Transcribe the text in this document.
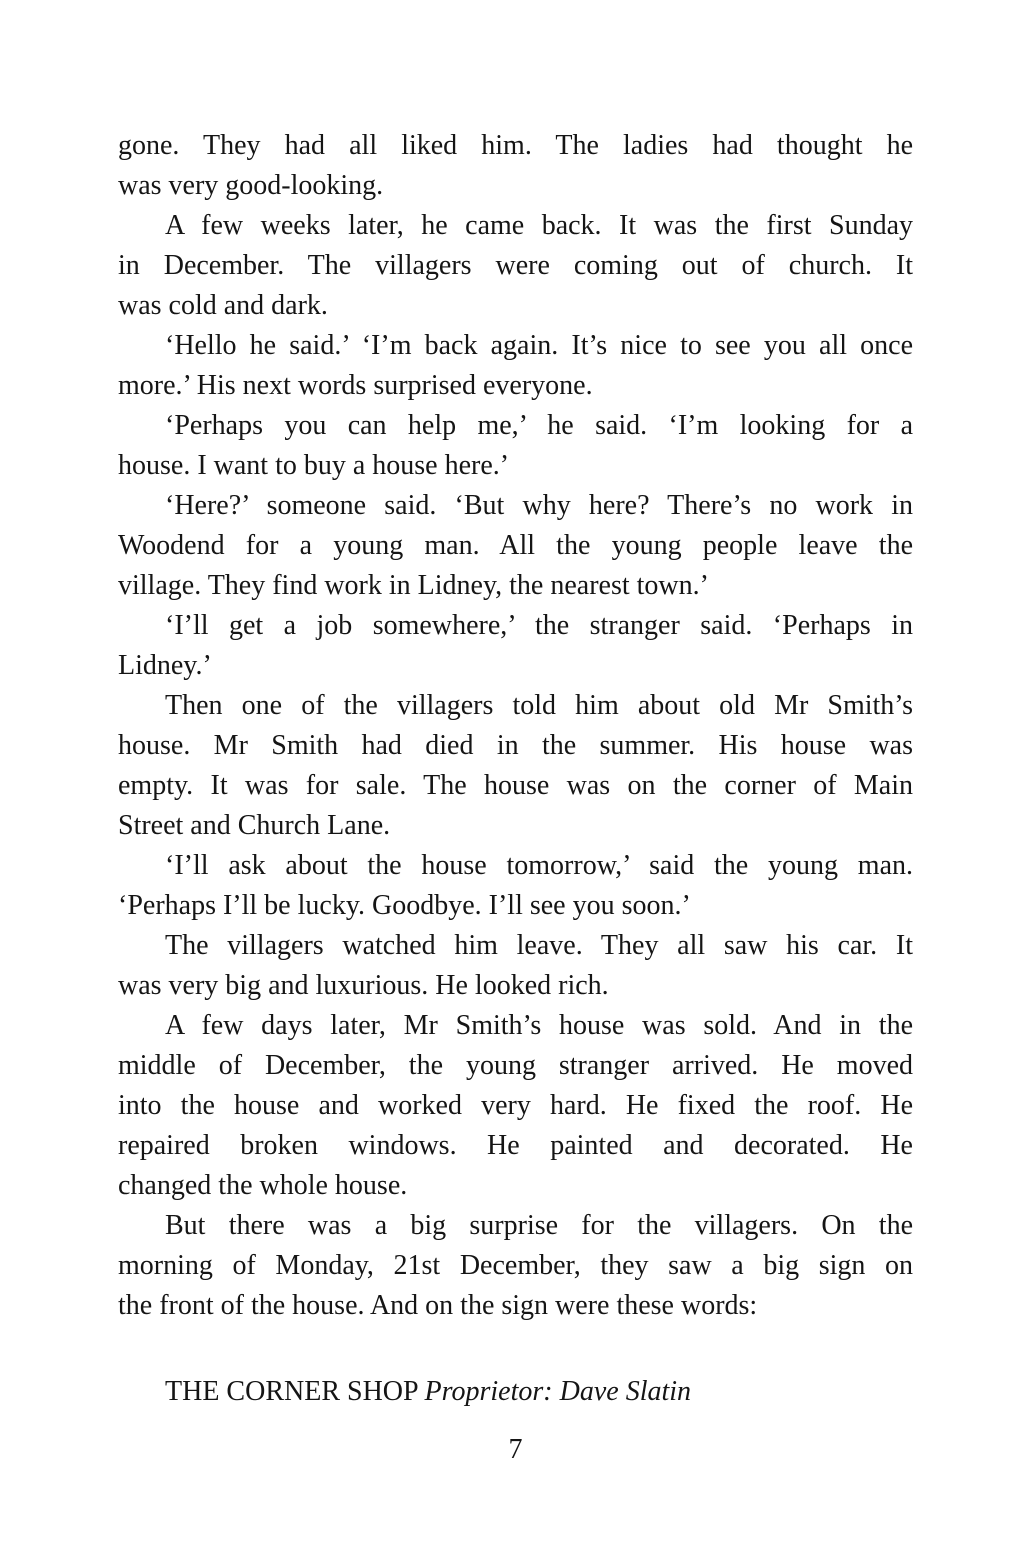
gone. They had all liked him. The ladies had thought he
was very good-looking.
A few weeks later, he came back. It was the first Sunday
in December. The villagers were coming out of church. It
was cold and dark.
‘Hello he said.’ ‘I’m back again. It’s nice to see you all once
more.’ His next words surprised everyone.
‘Perhaps you can help me,’ he said. ‘I’m looking for a
house. I want to buy a house here.’
‘Here?’ someone said. ‘But why here? There’s no work in
Woodend for a young man. All the young people leave the
village. They find work in Lidney, the nearest town.’
‘I’ll get a job somewhere,’ the stranger said. ‘Perhaps in
Lidney.’
Then one of the villagers told him about old Mr Smith’s
house. Mr Smith had died in the summer. His house was
empty. It was for sale. The house was on the corner of Main
Street and Church Lane.
‘I’ll ask about the house tomorrow,’ said the young man.
‘Perhaps I’ll be lucky. Goodbye. I’ll see you soon.’
The villagers watched him leave. They all saw his car. It
was very big and luxurious. He looked rich.
A few days later, Mr Smith’s house was sold. And in the
middle of December, the young stranger arrived. He moved
into the house and worked very hard. He fixed the roof. He
repaired broken windows. He painted and decorated. He
changed the whole house.
But there was a big surprise for the villagers. On the
morning of Monday, 21st December, they saw a big sign on
the front of the house. And on the sign were these words:
THE CORNER SHOP Proprietor: Dave Slatin
7
